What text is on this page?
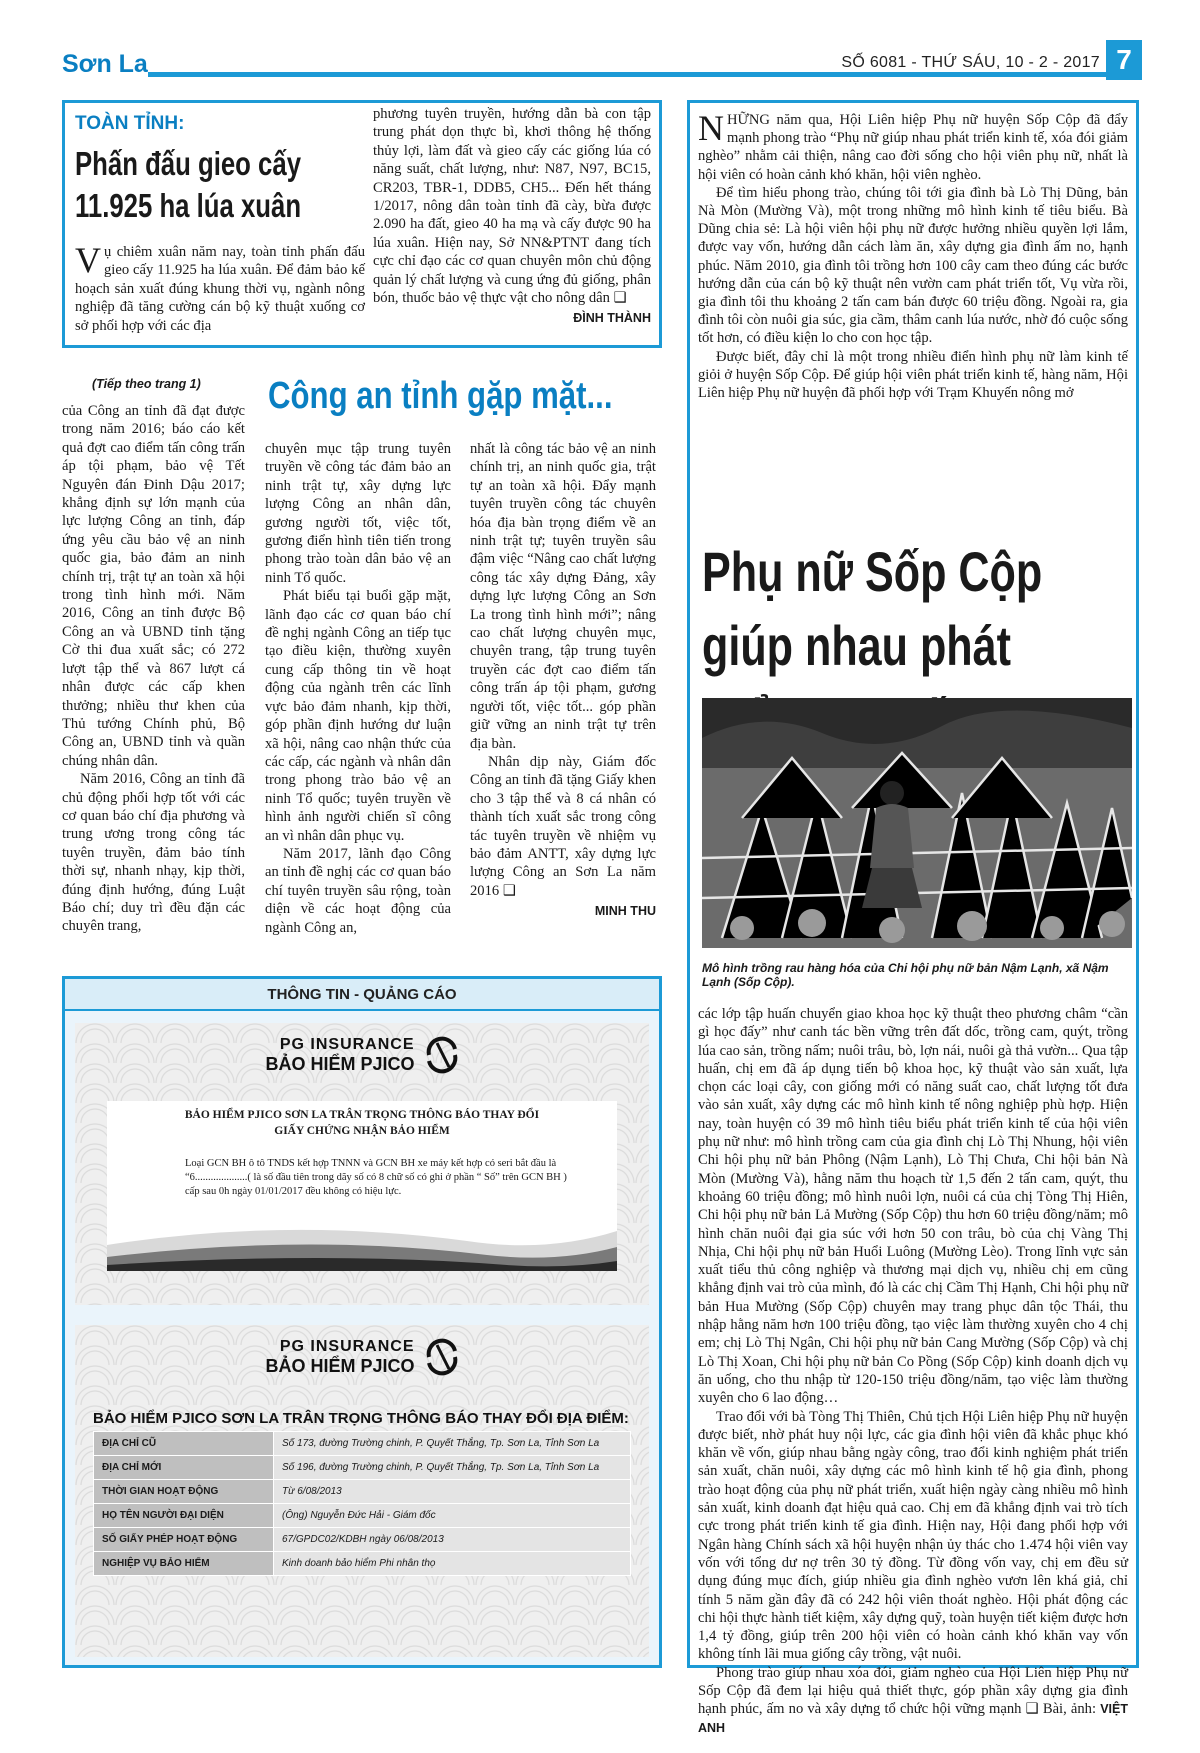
Sơn La	SỐ 6081 - THỨ SÁU, 10 - 2 - 2017 7
TOÀN TỈNH:
Phấn đấu gieo cấy 11.925 ha lúa xuân
Vụ chiêm xuân năm nay, toàn tỉnh phấn đấu gieo cấy 11.925 ha lúa xuân. Để đảm bảo kế hoạch sản xuất đúng khung thời vụ, ngành nông nghiệp đã tăng cường cán bộ kỹ thuật xuống cơ sở phối hợp với các địa
phương tuyên truyền, hướng dẫn bà con tập trung phát dọn thực bì, khơi thông hệ thống thủy lợi, làm đất và gieo cấy các giống lúa có năng suất, chất lượng, như: N87, N97, BC15, CR203, TBR-1, DDB5, CH5... Đến hết tháng 1/2017, nông dân toàn tỉnh đã cày, bừa được 2.090 ha đất, gieo 40 ha mạ và cấy được 90 ha lúa xuân. Hiện nay, Sở NN&PTNT đang tích cực chỉ đạo các cơ quan chuyên môn chủ động quản lý chất lượng và cung ứng đủ giống, phân bón, thuốc bảo vệ thực vật cho nông dân ❑
ĐÌNH THÀNH
(Tiếp theo trang 1) Công an tỉnh gặp mặt...

của Công an tỉnh đã đạt được trong năm 2016; báo cáo kết quả đợt cao điểm tấn công trấn áp tội phạm, bảo vệ Tết Nguyên đán Đinh Dậu 2017; khẳng định sự lớn mạnh của lực lượng Công an tỉnh, đáp ứng yêu cầu bảo vệ an ninh quốc gia, bảo đảm an ninh chính trị, trật tự an toàn xã hội trong tình hình mới. Năm 2016, Công an tỉnh được Bộ Công an và UBND tỉnh tặng Cờ thi đua xuất sắc; có 272 lượt tập thể và 867 lượt cá nhân được các cấp khen thưởng; nhiều thư khen của Thủ tướng Chính phủ, Bộ Công an, UBND tỉnh và quần chúng nhân dân.

Năm 2016, Công an tỉnh đã chủ động phối hợp tốt với các cơ quan báo chí địa phương và trung ương trong công tác tuyên truyền, đảm bảo tính thời sự, nhanh nhạy, kịp thời, đúng định hướng, đúng Luật Báo chí; duy trì đều đặn các chuyên trang,

chuyên mục tập trung tuyên truyền về công tác đảm bảo an ninh trật tự, xây dựng lực lượng Công an nhân dân, gương người tốt, việc tốt, gương điển hình tiên tiến trong phong trào toàn dân bảo vệ an ninh Tổ quốc.

Phát biểu tại buổi gặp mặt, lãnh đạo các cơ quan báo chí đề nghị ngành Công an tiếp tục tạo điều kiện, thường xuyên cung cấp thông tin về hoạt động của ngành trên các lĩnh vực bảo đảm nhanh, kịp thời, góp phần định hướng dư luận xã hội, nâng cao nhận thức của các cấp, các ngành và nhân dân trong phong trào bảo vệ an ninh Tổ quốc; tuyên truyền về hình ảnh người chiến sĩ công an vì nhân dân phục vụ.

Năm 2017, lãnh đạo Công an tỉnh đề nghị các cơ quan báo chí tuyên truyền sâu rộng, toàn diện về các hoạt động của ngành Công an,

nhất là công tác bảo vệ an ninh chính trị, an ninh quốc gia, trật tự an toàn xã hội. Đẩy mạnh tuyên truyền công tác chuyên hóa địa bàn trọng điểm về an ninh trật tự; tuyên truyền sâu đậm việc “Nâng cao chất lượng công tác xây dựng Đảng, xây dựng lực lượng Công an Sơn La trong tình hình mới”; nâng cao chất lượng chuyên mục, chuyên trang, tập trung tuyên truyền các đợt cao điểm tấn công trấn áp tội phạm, gương người tốt, việc tốt... góp phần giữ vững an ninh trật tự trên địa bàn.

Nhân dịp này, Giám đốc Công an tỉnh đã tặng Giấy khen cho 3 tập thể và 8 cá nhân có thành tích xuất sắc trong công tác tuyên truyền về nhiệm vụ bảo đảm ANTT, xây dựng lực lượng Công an Sơn La năm 2016 ❑

MINH THU
THÔNG TIN - QUẢNG CÁO
PG INSURANCE
BẢO HIỂM PJICO

BẢO HIỂM PJICO SƠN LA TRÂN TRỌNG THÔNG BÁO THAY ĐỔI
GIẤY CHỨNG NHẬN BẢO HIỂM
Loại GCN BH ô tô TNDS kết hợp TNNN và GCN BH xe máy kết hợp có seri bắt đầu là
“6....................( là số đầu tiên trong dãy số có 8 chữ số có ghi ở phần “ Số” trên GCN BH )
cấp sau 0h ngày 01/01/2017 đều không có hiệu lực.
PG INSURANCE
BẢO HIỂM PJICO

BẢO HIỂM PJICO SƠN LA TRÂN TRỌNG THÔNG BÁO THAY ĐỔI ĐỊA ĐIỂM:
ĐỊA CHỈ CŨ	Số 173, đường Trường chinh, P. Quyết Thắng, Tp. Sơn La, Tỉnh Sơn La
ĐỊA CHỈ MỚI	Số 196, đường Trường chinh, P. Quyết Thắng, Tp. Sơn La, Tỉnh Sơn La
THỜI GIAN HOẠT ĐỘNG	Từ 6/08/2013
HỌ TÊN NGƯỜI ĐẠI DIỆN	(Ông) Nguyễn Đức Hải - Giám đốc
SỐ GIẤY PHÉP HOẠT ĐỘNG	67/GPDC02/KDBH ngày 06/08/2013
NGHIỆP VỤ BẢO HIỂM	Kinh doanh bảo hiểm Phi nhân thọ

NHỮNG năm qua, Hội Liên hiệp Phụ nữ huyện Sốp Cộp đã đẩy mạnh phong trào “Phụ nữ giúp nhau phát triển kinh tế, xóa đói giảm nghèo” nhằm cải thiện, nâng cao đời sống cho hội viên phụ nữ, nhất là hội viên có hoàn cảnh khó khăn, hội viên nghèo.

Để tìm hiểu phong trào, chúng tôi tới gia đình bà Lò Thị Dũng, bản Nà Mòn (Mường Và), một trong những mô hình kinh tế tiêu biểu. Bà Dũng chia sẻ: Là hội viên hội phụ nữ được hưởng nhiều quyền lợi lắm, được vay vốn, hướng dẫn cách làm ăn, xây dựng gia đình ấm no, hạnh phúc. Năm 2010, gia đình tôi trồng hơn 100 cây cam theo đúng các bước hướng dẫn của cán bộ kỹ thuật nên vườn cam phát triển tốt, Vụ vừa rồi, gia đình tôi thu khoảng 2 tấn cam bán được 60 triệu đồng. Ngoài ra, gia đình tôi còn nuôi gia súc, gia cầm, thâm canh lúa nước, nhờ đó cuộc sống tốt hơn, có điều kiện lo cho con học tập.

Được biết, đây chỉ là một trong nhiều điển hình phụ nữ làm kinh tế giỏi ở huyện Sốp Cộp. Để giúp hội viên phát triển kinh tế, hàng năm, Hội Liên hiệp Phụ nữ huyện đã phối hợp với Trạm Khuyến nông mở

Phụ nữ Sốp Cộp giúp nhau phát
Mô hình trồng rau hàng hóa của Chi hội phụ nữ bản Nậm Lạnh, xã Nậm Lạnh (Sốp Cộp).

các lớp tập huấn chuyển giao khoa học kỹ thuật theo phương châm “cần gì học đấy” như canh tác bền vững trên đất dốc, trồng cam, quýt, trồng lúa cao sản, trồng nấm; nuôi trâu, bò, lợn nái, nuôi gà thả vườn... Qua tập huấn, chị em đã áp dụng tiến bộ khoa học, kỹ thuật vào sản xuất, lựa chọn các loại cây, con giống mới có năng suất cao, chất lượng tốt đưa vào sản xuất, xây dựng các mô hình kinh tế nông nghiệp phù hợp. Hiện nay, toàn huyện có 39 mô hình tiêu biểu phát triển kinh tế của hội viên phụ nữ như: mô hình trồng cam của gia đình chị Lò Thị Nhung, hội viên Chi hội phụ nữ bản Phông (Nậm Lạnh), Lò Thị Chưa, Chi hội bản Nà Mòn (Mường Và), hằng năm thu hoạch từ 1,5 đến 2 tấn cam, quýt, thu khoảng 60 triệu đồng; mô hình nuôi lợn, nuôi cá của chị Tòng Thị Hiên, Chi hội phụ nữ bản Lả Mường (Sốp Cộp) thu hơn 60 triệu đồng/năm; mô hình chăn nuôi đại gia súc với hơn 50 con trâu, bò của chị Vàng Thị Nhịa, Chi hội phụ nữ bản Huổi Luông (Mường Lèo). Trong lĩnh vực sản xuất tiểu thủ công nghiệp và thương mại dịch vụ, nhiều chị em cũng khẳng định vai trò của mình, đó là các chị Cầm Thị Hạnh, Chi hội phụ nữ bản Hua Mường (Sốp Cộp) chuyên may trang phục dân tộc Thái, thu nhập hằng năm hơn 100 triệu đồng, tạo việc làm thường xuyên cho 4 chị em; chị Lò Thị Ngân, Chi hội phụ nữ bản Cang Mường (Sốp Cộp) và chị Lò Thị Xoan, Chi hội phụ nữ bản Co Pồng (Sốp Cộp) kinh doanh dịch vụ ăn uống, cho thu nhập từ 120-150 triệu đồng/năm, tạo việc làm thường xuyên cho 6 lao động…

Trao đổi với bà Tòng Thị Thiên, Chủ tịch Hội Liên hiệp Phụ nữ huyện được biết, nhờ phát huy nội lực, các gia đình hội viên đã khắc phục khó khăn về vốn, giúp nhau bằng ngày công, trao đổi kinh nghiệm phát triển sản xuất, chăn nuôi, xây dựng các mô hình kinh tế hộ gia đình, phong trào hoạt động của phụ nữ phát triển, xuất hiện ngày càng nhiều mô hình sản xuất, kinh doanh đạt hiệu quả cao. Chị em đã khẳng định vai trò tích cực trong phát triển kinh tế gia đình. Hiện nay, Hội đang phối hợp với Ngân hàng Chính sách xã hội huyện nhận ủy thác cho 1.474 hội viên vay vốn với tổng dư nợ trên 30 tỷ đồng. Từ đồng vốn vay, chị em đều sử dụng đúng mục đích, giúp nhiều gia đình nghèo vươn lên khá giả, chỉ tính 5 năm gần đây đã có 242 hội viên thoát nghèo. Hội phát động các chi hội thực hành tiết kiệm, xây dựng quỹ, toàn huyện tiết kiệm được hơn 1,4 tỷ đồng, giúp trên 200 hội viên có hoàn cảnh khó khăn vay vốn không tính lãi mua giống cây trồng, vật nuôi.

Phong trào giúp nhau xóa đói, giảm nghèo của Hội Liên hiệp Phụ nữ Sốp Cộp đã đem lại hiệu quả thiết thực, góp phần xây dựng gia đình hạnh phúc, ấm no và xây dựng tổ chức hội vững mạnh ❑ Bài, ảnh: VIỆT ANH
